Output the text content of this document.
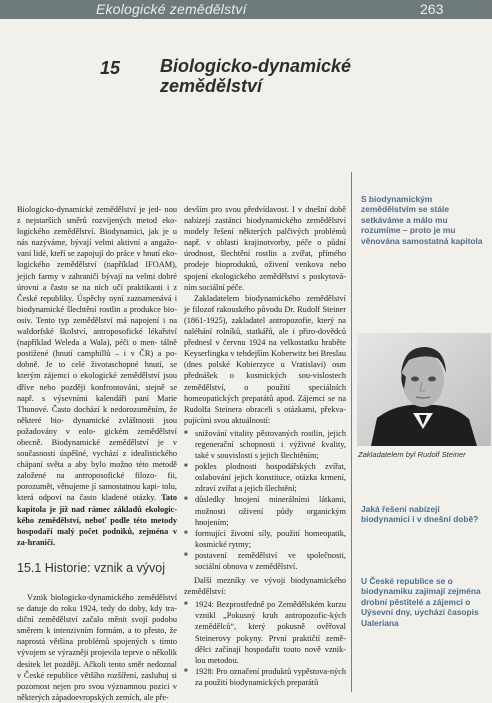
Ekologické zemědělství	263
15 Biologicko-dynamické zemědělství

Biologicko-dynamické zemědělství je jed- nou z nejstarších směrů rozvíjených metod eko- logického zemědělství. Biodynamici, jak je u nás nazýváme, bývají velmi aktivní a angažo- vaní lidé, kteří se zapojují do práce v hnutí eko- logického zemědělství (například IFOAM), jejich farmy v zahraničí bývají na velmi dobré úrovni a často se na nich učí praktikanti i z České republiky. Úspěchy nyní zaznamenává i biodynamické šlechtění rostlin a produkce bio- osiv. Tento typ zemědělství má napojení i na waldorfské školství, antroposofické lékařství (například Weleda a Wala), péči o men- tálně postižené (hnutí camphillů – i v ČR) a po- dobně. Je to celé životaschopné hnutí, se kterým zájemci o ekologické zemědělství jsou dříve nebo později konfrontováni, stejně se např. s výsevními kalendáři paní Marie Thunové. Často dochází k nedorozuměním, že některé bio- dynamické zvláštnosti jsou požadovány v eolo- gickém zemědělství obecně. Biodynamické zemědělství je v současnosti úspěšné, vychází z idealistického chápaní světa a aby bylo možno této metodě založené na antroposofické filozo- fii, porozumět, věnujeme jí samostatnou kapi- tolu, která odpoví na často kladené otázky. Tato kapitola je již nad rámec základů ekologic-kého zemědělství, neboť podle této metody hospodaří malý počet podniků, zejména v za-hraničí.

15.1 Historie: vznik a vývoj

Vznik biologicko-dynamického zemědělství se datuje do roku 1924, tedy do doby, kdy tra-diční zemědělství začalo měnit svojí podobu směrem k intenzivním formám, a to přesto, že naprostá většina problémů spojených s tímto vývojem se výrazněji projevila teprve o několik desítek let později. Ačkoli tento směr nedoznal v České republice většího rozšíření, zasluhuj si pozornost nejen pro svou významnou pozici v některých západoevropských zemích, ale pře-

devším pro svou předvídavost. I v dnešní době nabízejí zastánci biodynamického zemědělství modely řešení některých palčivých problémů např. v oblasti krajinotvorby, péče o půdní úrodnost, šlechtění rostlin a zvířat, přímého prodeje bioproduktů, oživení venkova nebo spojení ekologického zemědělství s poskytová-ním sociální péče.

Zakladatelem biodynamického zemědělství je filozof rakouského původu Dr. Rudolf Steiner (1861-1925), zakladatel antropozofie, který na naléhání rolníků, statkářů, ale i přiro-dovědců přednesl v červnu 1924 na velkostatku hraběte Keyserlingka v tehdejším Koberwitz bei Breslau (dnes polské Kobierzyce u Vratislavi) osm přednášek o kosmických sou-vislostech zemědělství, o použití speciálních homeopatických preparátů apod. Zájemci se na Rudolfa Steinera obraceli s otázkami, překva-pujícími svou aktuálností:

■ snižování vitality pěstovaných rostlin, jejich regenerační schopnosti i výživné kvality, také v souvislosti s jejich šlechtěním;
■ pokles plodnosti hospodářských zvířat, oslabování jejich konstituce, otázka krmení, zdraví zvířat a jejich šlechtění;
■ důsledky hnojení minerálními látkami, možnosti oživení půdy organickým hnojením;
■ formující životní síly, použití homeopatik, kosmické rytmy;
■ postavení zemědělství ve společnosti, sociální obnova v zemědělství.

Další mezníky ve vývoji biodynamického zemědělství:

■ 1924: Bezprostředně po Zemědělském kurzu vznikl „Pokusný kruh antropozofic-kých zemědělců“, který pokusně ověřoval Steinerovy pokyny. První praktičtí země-dělci začínají hospodařit touto nově vznik-lou metodou.
■ 1928: Pro označení produktů vypěstova-ných za použití biodynamických preparátů
S biodynamickým zemědělstvím se stále setkáváme a málo mu rozumíme – proto je mu věnována samostatná kapitola
Zakladatelem byl Rudolf Steiner
Jaká řešení nabízejí biodynamici i v dnešní době?
U České republice se o biodynamiku zajímají zejména drobní pěstitelé a zájemci o Uýsevní dny, uychází časopis Ualeriana
